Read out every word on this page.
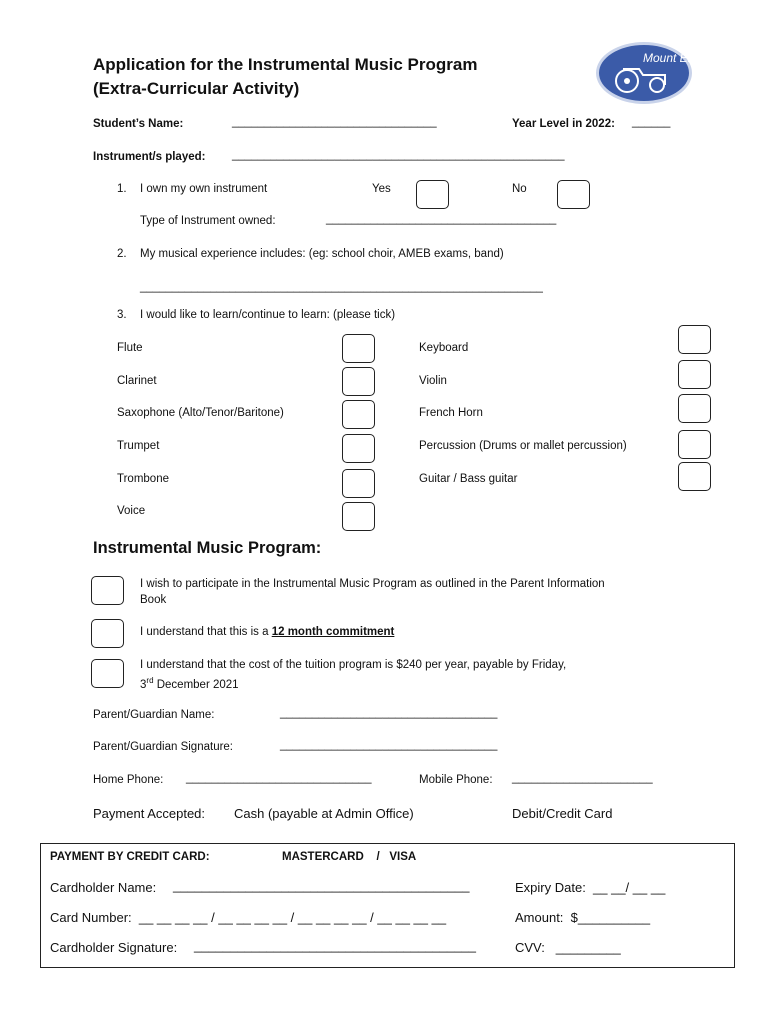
Application for the Instrumental Music Program
(Extra-Curricular Activity)
Mount Eria
Student’s Name:	________________________________	Year Level in 2022: ______
Instrument/s played: ____________________________________________________
1. I own my own instrument	Yes	No
Type of Instrument owned:	____________________________________
2. My musical experience includes: (eg: school choir, AMEB exams, band)
_______________________________________________________________
3. I would like to learn/continue to learn: (please tick)
Flute
Clarinet
Saxophone (Alto/Tenor/Baritone)
Trumpet
Trombone
Voice
Keyboard
Violin
French Horn
Percussion (Drums or mallet percussion)
Guitar / Bass guitar
Instrumental Music Program:
I wish to participate in the Instrumental Music Program as outlined in the Parent Information
Book
I understand that this is a 12 month commitment
I understand that the cost of the tuition program is $240 per year, payable by Friday,
3rd December 2021
Parent/Guardian Name:	__________________________________
Parent/Guardian Signature:	__________________________________
Home Phone: _____________________________	Mobile Phone: ______________________
Payment Accepted: Cash (payable at Admin Office)	Debit/Credit Card
PAYMENT BY CREDIT CARD:	MASTERCARD    /   VISA
Cardholder Name: _________________________________________	Expiry Date:  __ __/ __ __
Card Number:  __ __ __ __ / __ __ __ __ / __ __ __ __ / __ __ __ __	Amount:  $__________
Cardholder Signature: _______________________________________	CVV:   _________
